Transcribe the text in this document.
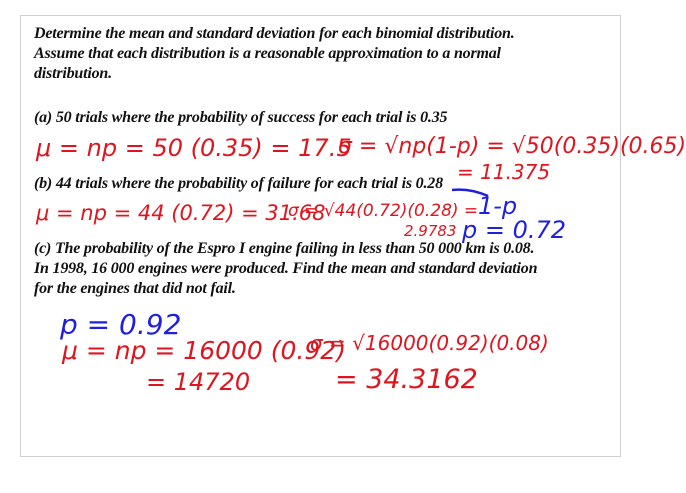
Determine the mean and standard deviation for each binomial distribution.
Assume that each distribution is a reasonable approximation to a normal
distribution.
(a) 50 trials where the probability of success for each trial is 0.35
(b) 44 trials where the probability of failure for each trial is 0.28
(c) The probability of the Espro I engine failing in less than 50 000 km is 0.08.
In 1998, 16 000 engines were produced. Find the mean and standard deviation
for the engines that did not fail.
μ = np = 50 (0.35) = 17.5
σ = √np(1-p) = √50(0.35)(0.65)
= 11.375
μ = np = 44 (0.72) = 31.68
σ = √44(0.72)(0.28) =
2.9783
1-p
p = 0.72
p = 0.92
μ = np = 16000 (0.92)
= 14720
σ = √16000(0.92)(0.08)
= 34.3162
